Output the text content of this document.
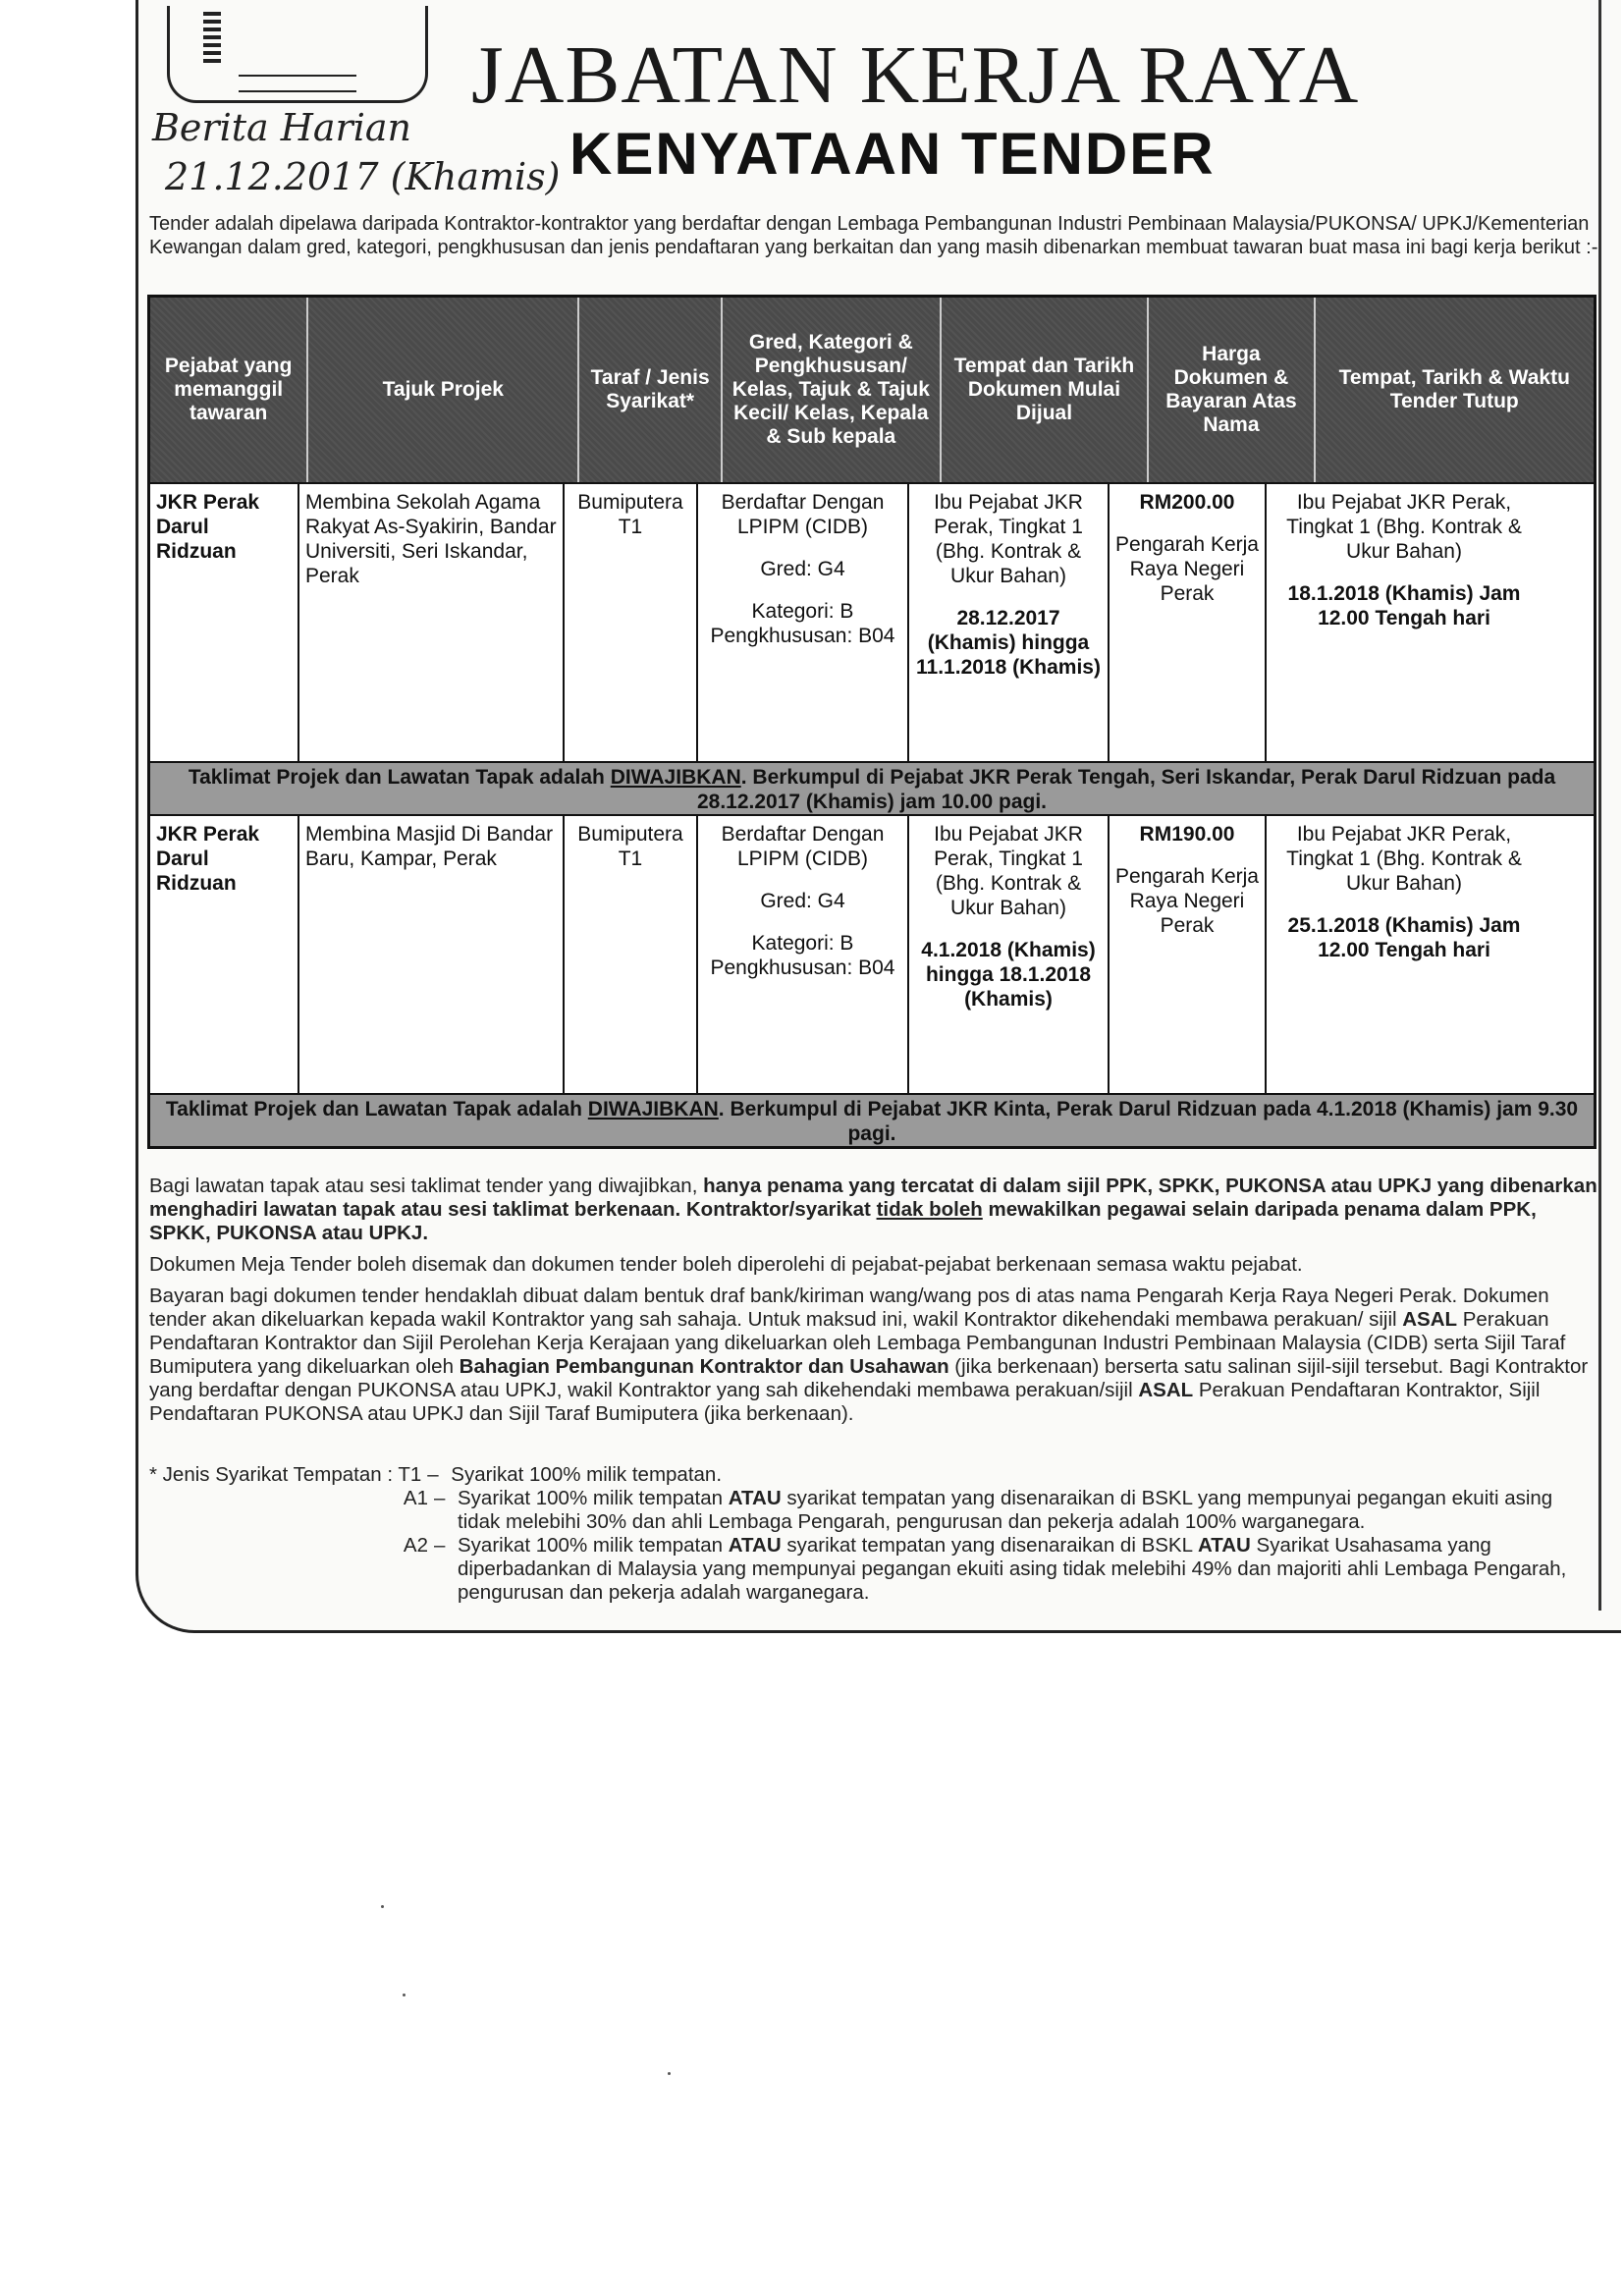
JABATAN KERJA RAYA
Berita Harian
21.12.2017 (Khamis) KENYATAAN TENDER
Tender adalah dipelawa daripada Kontraktor-kontraktor yang berdaftar dengan Lembaga Pembangunan Industri Pembinaan Malaysia/PUKONSA/ UPKJ/Kementerian Kewangan dalam gred, kategori, pengkhususan dan jenis pendaftaran yang berkaitan dan yang masih dibenarkan membuat tawaran buat masa ini bagi kerja berikut :-
Pejabat yang memanggil tawaran
Tajuk Projek
Taraf / Jenis Syarikat*
Gred, Kategori & Pengkhususan/ Kelas, Tajuk & Tajuk Kecil/ Kelas, Kepala & Sub kepala
Tempat dan Tarikh Dokumen Mulai Dijual
Harga Dokumen & Bayaran Atas Nama
Tempat, Tarikh & Waktu Tender Tutup
JKR Perak Darul Ridzuan
Membina Sekolah Agama Rakyat As-Syakirin, Bandar Universiti, Seri Iskandar, Perak
Bumiputera T1
Berdaftar Dengan LPIPM (CIDB)
Gred: G4
Kategori: B Pengkhususan: B04
Ibu Pejabat JKR Perak, Tingkat 1 (Bhg. Kontrak & Ukur Bahan)
28.12.2017 (Khamis) hingga 11.1.2018 (Khamis)
RM200.00
Pengarah Kerja Raya Negeri Perak
Ibu Pejabat JKR Perak, Tingkat 1 (Bhg. Kontrak & Ukur Bahan)
18.1.2018 (Khamis) Jam 12.00 Tengah hari
Taklimat Projek dan Lawatan Tapak adalah DIWAJIBKAN. Berkumpul di Pejabat JKR Perak Tengah, Seri Iskandar, Perak Darul Ridzuan pada 28.12.2017 (Khamis) jam 10.00 pagi.
JKR Perak Darul Ridzuan
Membina Masjid Di Bandar Baru, Kampar, Perak
Bumiputera T1
Berdaftar Dengan LPIPM (CIDB)
Gred: G4
Kategori: B Pengkhususan: B04
Ibu Pejabat JKR Perak, Tingkat 1 (Bhg. Kontrak & Ukur Bahan)
4.1.2018 (Khamis) hingga 18.1.2018 (Khamis)
RM190.00
Pengarah Kerja Raya Negeri Perak
Ibu Pejabat JKR Perak, Tingkat 1 (Bhg. Kontrak & Ukur Bahan)
25.1.2018 (Khamis) Jam 12.00 Tengah hari
Taklimat Projek dan Lawatan Tapak adalah DIWAJIBKAN. Berkumpul di Pejabat JKR Kinta, Perak Darul Ridzuan pada 4.1.2018 (Khamis) jam 9.30 pagi.

Bagi lawatan tapak atau sesi taklimat tender yang diwajibkan, hanya penama yang tercatat di dalam sijil PPK, SPKK, PUKONSA atau UPKJ yang dibenarkan menghadiri lawatan tapak atau sesi taklimat berkenaan. Kontraktor/syarikat tidak boleh mewakilkan pegawai selain daripada penama dalam PPK, SPKK, PUKONSA atau UPKJ.

Dokumen Meja Tender boleh disemak dan dokumen tender boleh diperolehi di pejabat-pejabat berkenaan semasa waktu pejabat.

Bayaran bagi dokumen tender hendaklah dibuat dalam bentuk draf bank/kiriman wang/wang pos di atas nama Pengarah Kerja Raya Negeri Perak. Dokumen tender akan dikeluarkan kepada wakil Kontraktor yang sah sahaja. Untuk maksud ini, wakil Kontraktor dikehendaki membawa perakuan/ sijil ASAL Perakuan Pendaftaran Kontraktor dan Sijil Perolehan Kerja Kerajaan yang dikeluarkan oleh Lembaga Pembangunan Industri Pembinaan Malaysia (CIDB) serta Sijil Taraf Bumiputera yang dikeluarkan oleh Bahagian Pembangunan Kontraktor dan Usahawan (jika berkenaan) berserta satu salinan sijil-sijil tersebut. Bagi Kontraktor yang berdaftar dengan PUKONSA atau UPKJ, wakil Kontraktor yang sah dikehendaki membawa perakuan/sijil ASAL Perakuan Pendaftaran Kontraktor, Sijil Pendaftaran PUKONSA atau UPKJ dan Sijil Taraf Bumiputera (jika berkenaan).

* Jenis Syarikat Tempatan : T1 – Syarikat 100% milik tempatan.
A1 – Syarikat 100% milik tempatan ATAU syarikat tempatan yang disenaraikan di BSKL yang mempunyai pegangan ekuiti asing tidak melebihi 30% dan ahli Lembaga Pengarah, pengurusan dan pekerja adalah 100% warganegara.
A2 – Syarikat 100% milik tempatan ATAU syarikat tempatan yang disenaraikan di BSKL ATAU Syarikat Usahasama yang diperbadankan di Malaysia yang mempunyai pegangan ekuiti asing tidak melebihi 49% dan majoriti ahli Lembaga Pengarah, pengurusan dan pekerja adalah warganegara.
